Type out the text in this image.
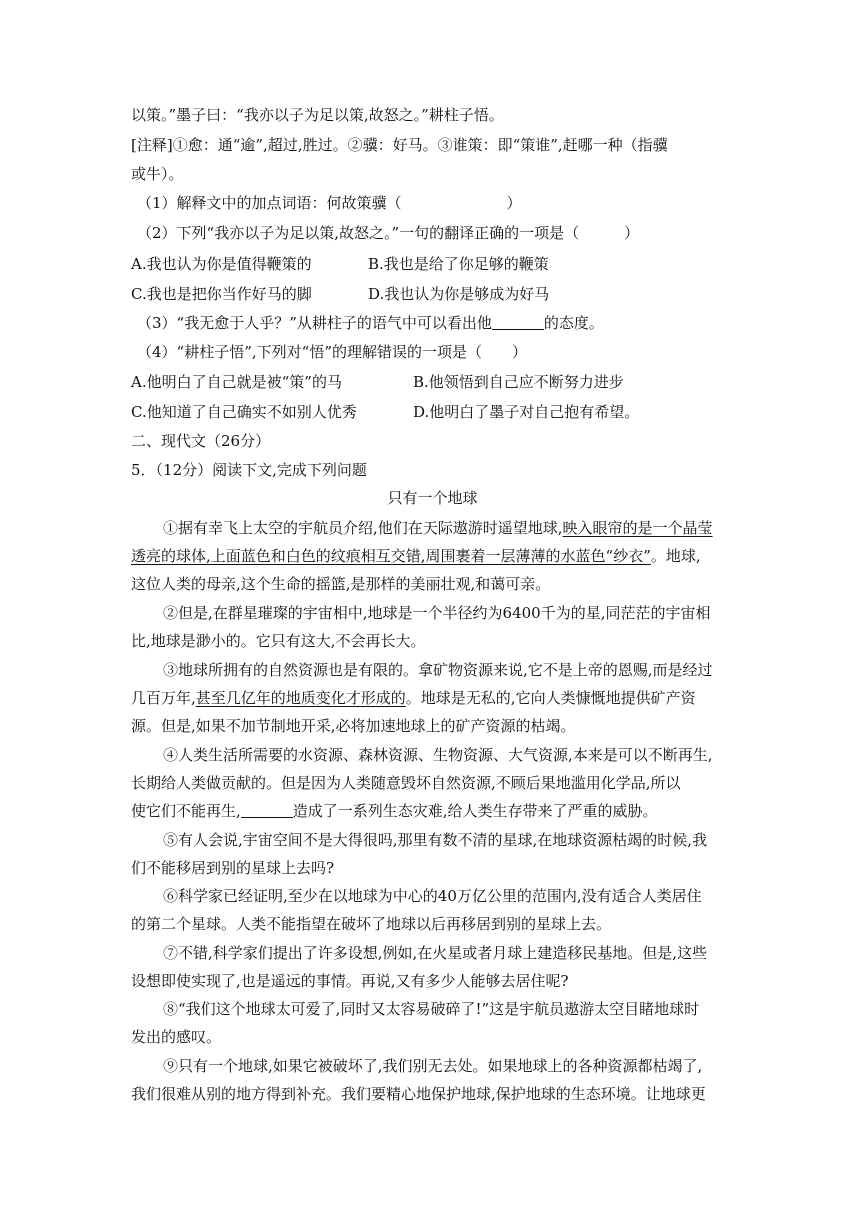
以策。”墨子曰：“我亦以子为足以策,故怒之。”耕柱子悟。
[注释]①愈：通“逾”,超过,胜过。②骥：好马。③谁策：即“策谁”,赶哪一种（指骥
或牛）。
（1）解释文中的加点词语：何故策骥（　　　　　　　）
（2）下列“我亦以子为足以策,故怒之。”一句的翻译正确的一项是（　　　）
A.我也认为你是值得鞭策的	B.我也是给了你足够的鞭策
C.我也是把你当作好马的脚	D.我也认为你是够成为好马
（3）“我无愈于人乎？”从耕柱子的语气中可以看出他	的态度。
（4）“耕柱子悟”,下列对“悟”的理解错误的一项是（　　）
A.他明白了自己就是被“策”的马	B.他领悟到自己应不断努力进步
C.他知道了自己确实不如别人优秀	D.他明白了墨子对自己抱有希望。
二、现代文（26分）
5．（12分）阅读下文,完成下列问题
只有一个地球
①据有幸飞上太空的宇航员介绍,他们在天际遨游时遥望地球,映入眼帘的是一个晶莹
透亮的球体,上面蓝色和白色的纹痕相互交错,周围裹着一层薄薄的水蓝色“纱衣”。地球,
这位人类的母亲,这个生命的摇篮,是那样的美丽壮观,和蔼可亲。
②但是,在群星璀璨的宇宙相中,地球是一个半径约为6400千为的星,同茫茫的宇宙相
比,地球是渺小的。它只有这大,不会再长大。
③地球所拥有的自然资源也是有限的。拿矿物资源来说,它不是上帝的恩赐,而是经过
几百万年,甚至几亿年的地质变化才形成的。地球是无私的,它向人类慷慨地提供矿产资
源。但是,如果不加节制地开采,必将加速地球上的矿产资源的枯竭。
④人类生活所需要的水资源、森林资源、生物资源、大气资源,本来是可以不断再生,
长期给人类做贡献的。但是因为人类随意毁坏自然资源,不顾后果地滥用化学品,所以
使它们不能再生,	造成了一系列生态灾难,给人类生存带来了严重的威胁。
⑤有人会说,宇宙空间不是大得很吗,那里有数不清的星球,在地球资源枯竭的时候,我
们不能移居到别的星球上去吗?
⑥科学家已经证明,至少在以地球为中心的40万亿公里的范围内,没有适合人类居住
的第二个星球。人类不能指望在破坏了地球以后再移居到别的星球上去。
⑦不错,科学家们提出了许多设想,例如,在火星或者月球上建造移民基地。但是,这些
设想即使实现了,也是遥远的事情。再说,又有多少人能够去居住呢?
⑧“我们这个地球太可爱了,同时又太容易破碎了!”这是宇航员遨游太空目睹地球时
发出的感叹。
⑨只有一个地球,如果它被破坏了,我们别无去处。如果地球上的各种资源都枯竭了,
我们很难从别的地方得到补充。我们要精心地保护地球,保护地球的生态环境。让地球更
